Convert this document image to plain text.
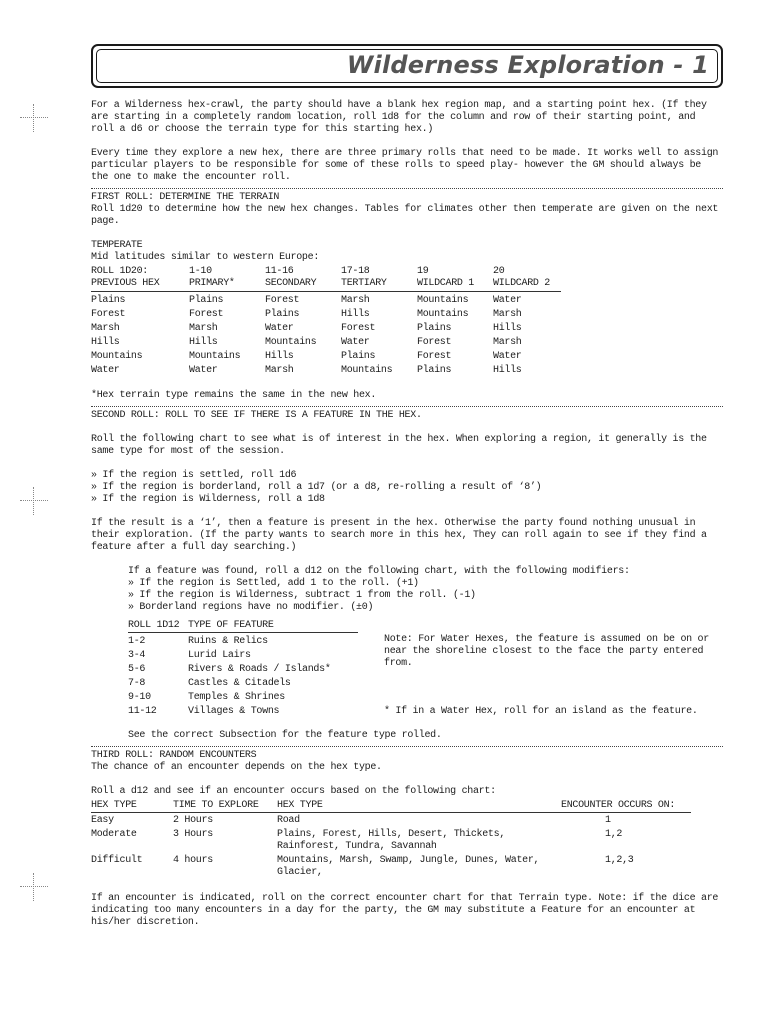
Wilderness Exploration - 1

For a Wilderness hex-crawl, the party should have a blank hex region map, and a starting point hex. (If they are starting in a completely random location, roll 1d8 for the column and row of their starting point, and roll a d6 or choose the terrain type for this starting hex.)

Every time they explore a new hex, there are three primary rolls that need to be made. It works well to assign particular players to be responsible for some of these rolls to speed play- however the GM should always be the one to make the encounter roll.

FIRST ROLL: DETERMINE THE TERRAIN

Roll 1d20 to determine how the new hex changes. Tables for climates other then temperate are given on the next page.

TEMPERATE

Mid latitudes similar to western Europe:

ROLL 1D20:	1-10	11-16	17-18	19	20
PREVIOUS HEX	PRIMARY*	SECONDARY	TERTIARY	WILDCARD 1	WILDCARD 2
Plains	Plains	Forest	Marsh	Mountains	Water
Forest	Forest	Plains	Hills	Mountains	Marsh
Marsh	Marsh	Water	Forest	Plains	Hills
Hills	Hills	Mountains	Water	Forest	Marsh
Mountains	Mountains	Hills	Plains	Forest	Water
Water	Water	Marsh	Mountains	Plains	Hills

*Hex terrain type remains the same in the new hex.

SECOND ROLL: ROLL TO SEE IF THERE IS A FEATURE IN THE HEX.

Roll the following chart to see what is of interest in the hex. When exploring a region, it generally is the same type for most of the session.

» If the region is settled, roll 1d6

» If the region is borderland, roll a 1d7 (or a d8, re-rolling a result of ‘8’)

» If the region is Wilderness, roll a 1d8

If the result is a ‘1’, then a feature is present in the hex. Otherwise the party found nothing unusual in their exploration. (If the party wants to search more in this hex, They can roll again to see if they find a feature after a full day searching.)

If a feature was found, roll a d12 on the following chart, with the following modifiers:

» If the region is Settled, add 1 to the roll. (+1)

» If the region is Wilderness, subtract 1 from the roll. (-1)

» Borderland regions have no modifier. (±0)

ROLL 1D12	TYPE OF FEATURE
1-2	Ruins & Relics
3-4	Lurid Lairs
5-6	Rivers & Roads / Islands*
7-8	Castles & Citadels
9-10	Temples & Shrines
11-12	Villages & Towns

Note: For Water Hexes, the feature is assumed on be on or near the shoreline closest to the face the party entered from.

* If in a Water Hex, roll for an island as the feature.

See the correct Subsection for the feature type rolled.

THIRD ROLL: RANDOM ENCOUNTERS

The chance of an encounter depends on the hex type.

Roll a d12 and see if an encounter occurs based on the following chart:

HEX TYPE	TIME TO EXPLORE	HEX TYPE	ENCOUNTER OCCURS ON:
Easy	2 Hours	Road	1
Moderate	3 Hours	Plains, Forest, Hills, Desert, Thickets, Rainforest, Tundra, Savannah	1,2
Difficult	4 hours	Mountains, Marsh, Swamp, Jungle, Dunes, Water, Glacier,	1,2,3

If an encounter is indicated, roll on the correct encounter chart for that Terrain type. Note: if the dice are indicating too many encounters in a day for the party, the GM may substitute a Feature for an encounter at his/her discretion.
